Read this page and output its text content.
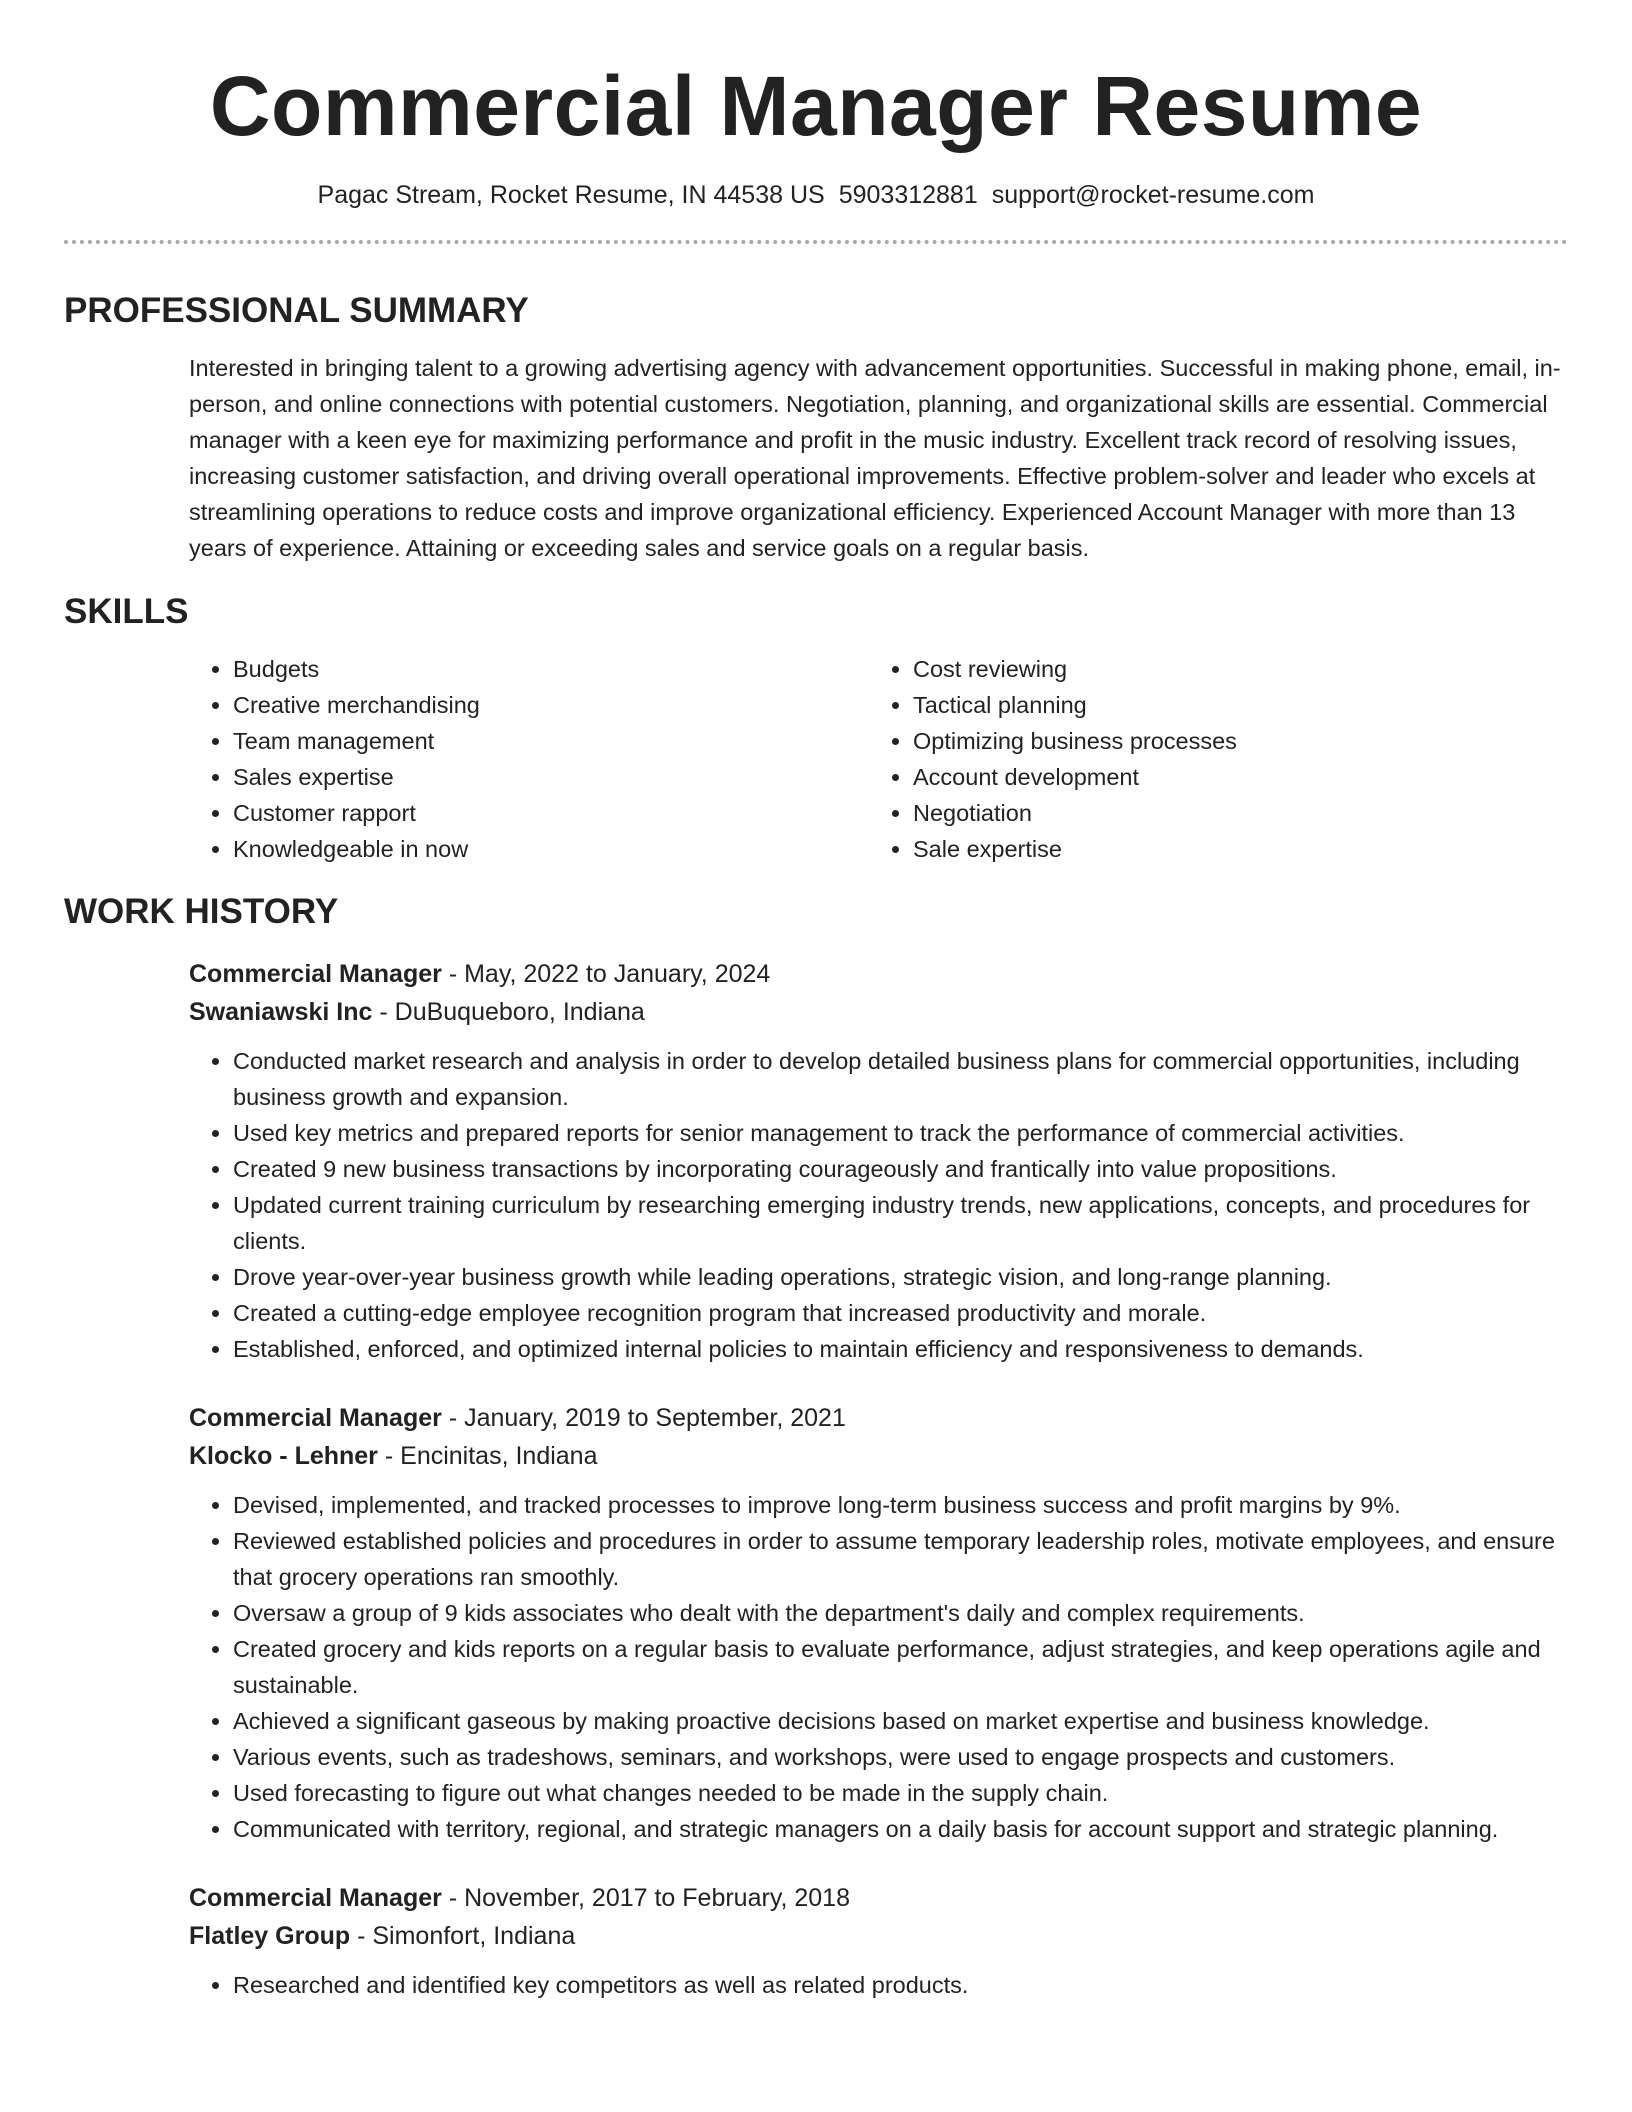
Commercial Manager Resume
Pagac Stream, Rocket Resume, IN 44538 US 5903312881 support@rocket-resume.com
PROFESSIONAL SUMMARY

Interested in bringing talent to a growing advertising agency with advancement opportunities. Successful in making phone, email, in-person, and online connections with potential customers. Negotiation, planning, and organizational skills are essential. Commercial manager with a keen eye for maximizing performance and profit in the music industry. Excellent track record of resolving issues, increasing customer satisfaction, and driving overall operational improvements. Effective problem-solver and leader who excels at streamlining operations to reduce costs and improve organizational efficiency. Experienced Account Manager with more than 13 years of experience. Attaining or exceeding sales and service goals on a regular basis.

SKILLS
• Budgets
• Creative merchandising
• Team management
• Sales expertise
• Customer rapport
• Knowledgeable in now
• Cost reviewing
• Tactical planning
• Optimizing business processes
• Account development
• Negotiation
• Sale expertise
WORK HISTORY
Commercial Manager - May, 2022 to January, 2024
Swaniawski Inc - DuBuqueboro, Indiana
• Conducted market research and analysis in order to develop detailed business plans for commercial opportunities, including business growth and expansion.
• Used key metrics and prepared reports for senior management to track the performance of commercial activities.
• Created 9 new business transactions by incorporating courageously and frantically into value propositions.
• Updated current training curriculum by researching emerging industry trends, new applications, concepts, and procedures for clients.
• Drove year-over-year business growth while leading operations, strategic vision, and long-range planning.
• Created a cutting-edge employee recognition program that increased productivity and morale.
• Established, enforced, and optimized internal policies to maintain efficiency and responsiveness to demands.
Commercial Manager - January, 2019 to September, 2021
Klocko - Lehner - Encinitas, Indiana
• Devised, implemented, and tracked processes to improve long-term business success and profit margins by 9%.
• Reviewed established policies and procedures in order to assume temporary leadership roles, motivate employees, and ensure that grocery operations ran smoothly.
• Oversaw a group of 9 kids associates who dealt with the department's daily and complex requirements.
• Created grocery and kids reports on a regular basis to evaluate performance, adjust strategies, and keep operations agile and sustainable.
• Achieved a significant gaseous by making proactive decisions based on market expertise and business knowledge.
• Various events, such as tradeshows, seminars, and workshops, were used to engage prospects and customers.
• Used forecasting to figure out what changes needed to be made in the supply chain.
• Communicated with territory, regional, and strategic managers on a daily basis for account support and strategic planning.
Commercial Manager - November, 2017 to February, 2018
Flatley Group - Simonfort, Indiana
• Researched and identified key competitors as well as related products.
